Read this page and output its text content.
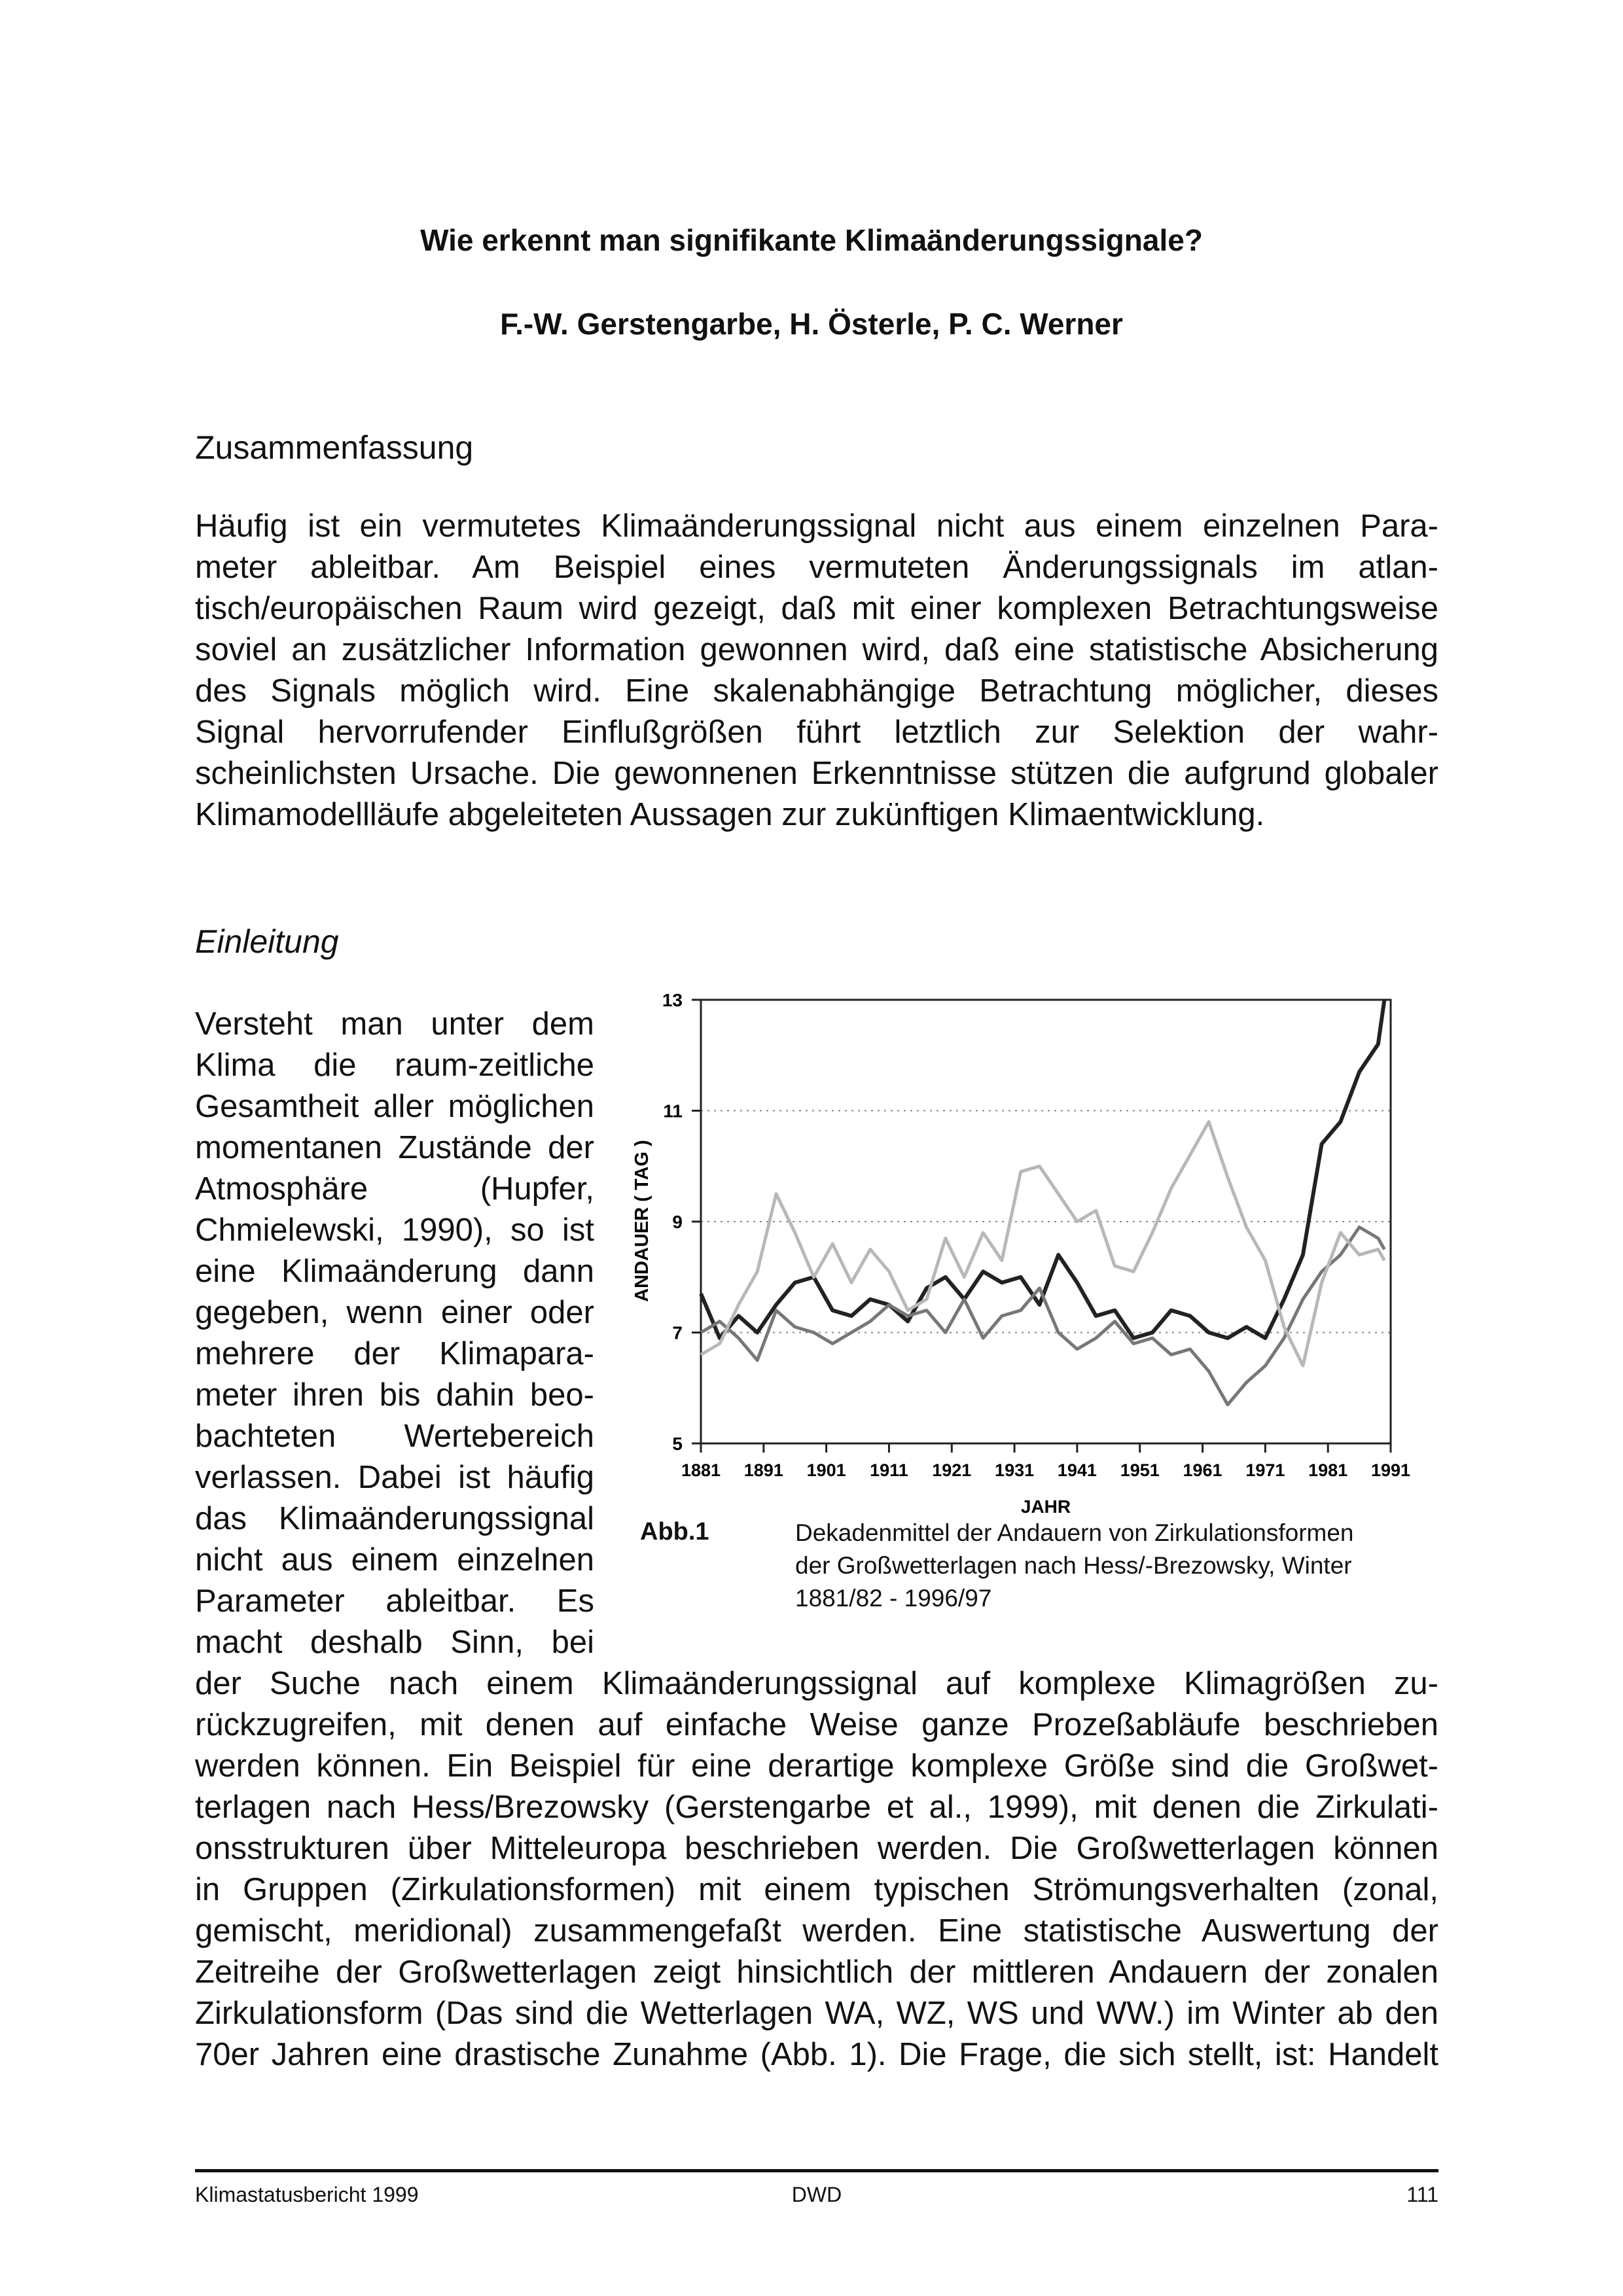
Wie erkennt man signifikante Klimaänderungssignale?
F.-W. Gerstengarbe, H. Österle, P. C. Werner
Zusammenfassung
Häufig ist ein vermutetes Klimaänderungssignal nicht aus einem einzelnen Para-
meter ableitbar. Am Beispiel eines vermuteten Änderungssignals im atlan-
tisch/europäischen Raum wird gezeigt, daß mit einer komplexen Betrachtungsweise
soviel an zusätzlicher Information gewonnen wird, daß eine statistische Absicherung
des Signals möglich wird. Eine skalenabhängige Betrachtung möglicher, dieses
Signal hervorrufender Einflußgrößen führt letztlich zur Selektion der wahr-
scheinlichsten Ursache. Die gewonnenen Erkenntnisse stützen die aufgrund globaler
Klimamodellläufe abgeleiteten Aussagen zur zukünftigen Klimaentwicklung.
Einleitung
Versteht man unter dem
Klima die raum-zeitliche
Gesamtheit aller möglichen
momentanen Zustände der
Atmosphäre (Hupfer,
Chmielewski, 1990), so ist
eine Klimaänderung dann
gegeben, wenn einer oder
mehrere der Klimapara-
meter ihren bis dahin beo-
bachteten Wertebereich
verlassen. Dabei ist häufig
das Klimaänderungssignal
nicht aus einem einzelnen
Parameter ableitbar. Es
macht deshalb Sinn, bei
der Suche nach einem Klimaänderungssignal auf komplexe Klimagrößen zu-
rückzugreifen, mit denen auf einfache Weise ganze Prozeßabläufe beschrieben
werden können. Ein Beispiel für eine derartige komplexe Größe sind die Großwet-
terlagen nach Hess/Brezowsky (Gerstengarbe et al., 1999), mit denen die Zirkulati-
onsstrukturen über Mitteleuropa beschrieben werden. Die Großwetterlagen können
in Gruppen (Zirkulationsformen) mit einem typischen Strömungsverhalten (zonal,
gemischt, meridional) zusammengefaßt werden. Eine statistische Auswertung der
Zeitreihe der Großwetterlagen zeigt hinsichtlich der mittleren Andauern der zonalen
Zirkulationsform (Das sind die Wetterlagen WA, WZ, WS und WW.) im Winter ab den
70er Jahren eine drastische Zunahme (Abb. 1). Die Frage, die sich stellt, ist: Handelt
5
7
9
11
13
1881 1891 1901 1911 1921 1931 1941 1951 1961 1971 1981 1991
ANDAUER ( TAG )
JAHR
Abb.1	Dekadenmittel der Andauern von Zirkulationsformen
der Großwetterlagen nach Hess/-Brezowsky, Winter
1881/82 - 1996/97
Klimastatusbericht 1999	DWD	111
